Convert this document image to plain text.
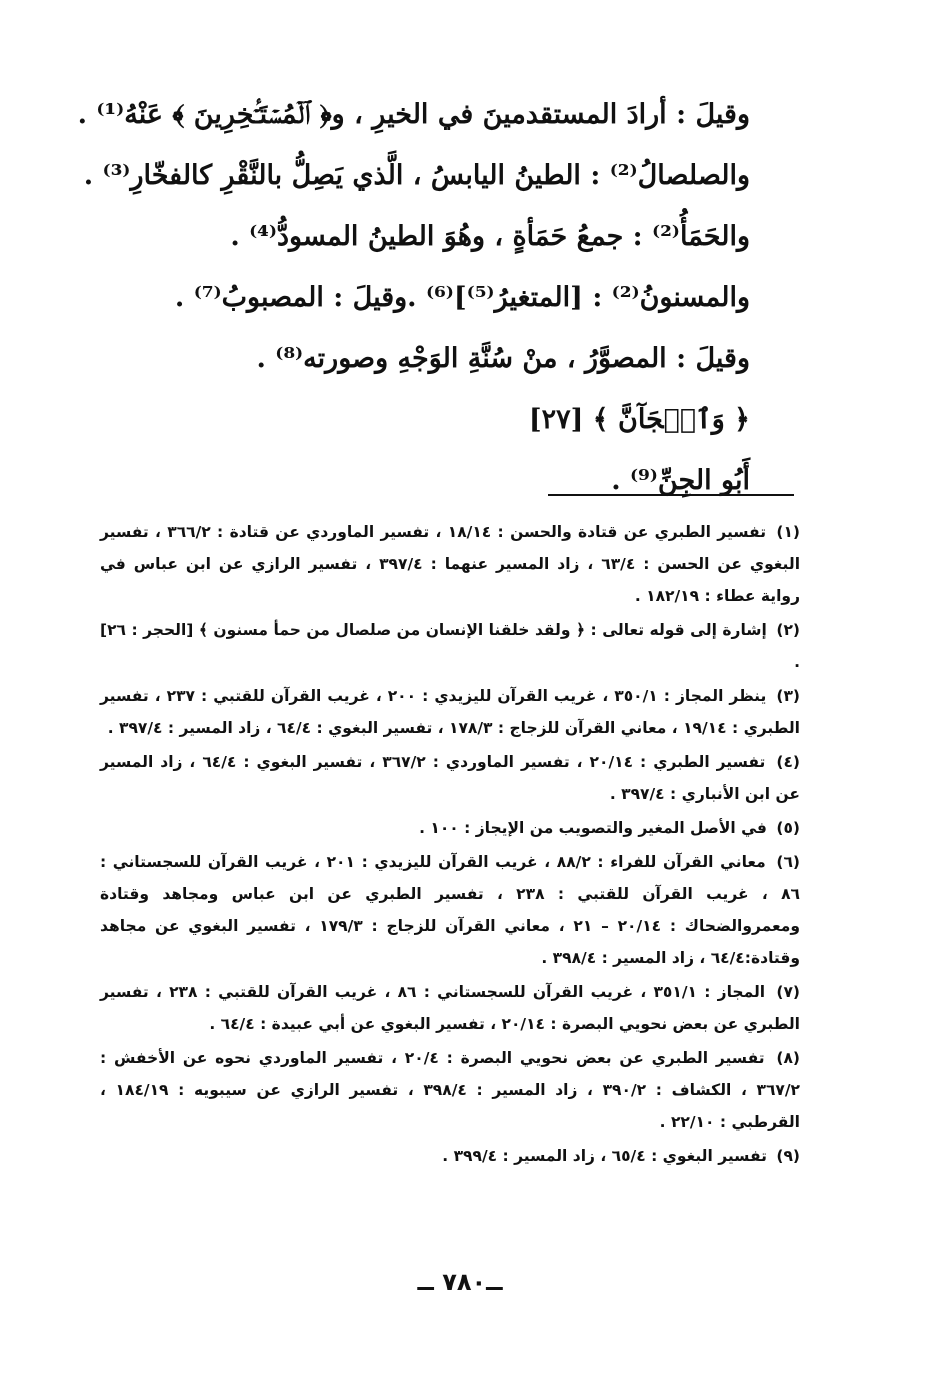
وقيلَ : أرادَ المستقدمينَ في الخيرِ ، و﴿ ٱلۡمُسۡتَـٔۡخِرِينَ ﴾ عَنْهُ⁽¹⁾ .
والصلصالُ⁽²⁾ : الطينُ اليابسُ ، الَّذي يَصِلُّ بالنَّقْرِ كالفخّارِ⁽³⁾ .
والحَمَأُ⁽²⁾ : جمعُ حَمَأةٍ ، وهُوَ الطينُ المسودُّ⁽⁴⁾ .
والمسنونُ⁽²⁾ : [المتغيرُ⁽⁵⁾]⁽⁶⁾ .وقيلَ : المصبوبُ⁽⁷⁾ .
وقيلَ : المصوَّرُ ، منْ سُنَّةِ الوَجْهِ وصورته⁽⁸⁾ .
﴿ وَٱلۡجَآنَّ ﴾ [٢٧]
أَبُو الجِنِّ⁽⁹⁾ .
(١) تفسير الطبري عن قتادة والحسن : ١٨/١٤ ، تفسير الماوردي عن قتادة : ٣٦٦/٢ ، تفسير البغوي عن الحسن : ٦٣/٤ ، زاد المسير عنهما : ٣٩٧/٤ ، تفسير الرازي عن ابن عباس في رواية عطاء : ١٨٢/١٩ .
(٢) إشارة إلى قوله تعالى : ﴿ ولقد خلقنا الإنسان من صلصال من حمأ مسنون ﴾ [الحجر : ٢٦] .
(٣) ينظر المجاز : ٣٥٠/١ ، غريب القرآن لليزيدي : ٢٠٠ ، غريب القرآن للقتبي : ٢٣٧ ، تفسير الطبري : ١٩/١٤ ، معاني القرآن للزجاج : ١٧٨/٣ ، تفسير البغوي : ٦٤/٤ ، زاد المسير : ٣٩٧/٤ .
(٤) تفسير الطبري : ٢٠/١٤ ، تفسير الماوردي : ٣٦٧/٢ ، تفسير البغوي : ٦٤/٤ ، زاد المسير عن ابن الأنباري : ٣٩٧/٤ .
(٥) في الأصل المغير والتصويب من الإيجاز : ١٠٠ .
(٦) معاني القرآن للفراء : ٨٨/٢ ، غريب القرآن لليزيدي : ٢٠١ ، غريب القرآن للسجستاني : ٨٦ ، غريب القرآن للقتبي : ٢٣٨ ، تفسير الطبري عن ابن عباس ومجاهد وقتادة ومعمروالضحاك : ٢٠/١٤ – ٢١ ، معاني القرآن للزجاج : ١٧٩/٣ ، تفسير البغوي عن مجاهد وقتادة:٦٤/٤ ، زاد المسير : ٣٩٨/٤ .
(٧) المجاز : ٣٥١/١ ، غريب القرآن للسجستاني : ٨٦ ، غريب القرآن للقتبي : ٢٣٨ ، تفسير الطبري عن بعض نحويي البصرة : ٢٠/١٤ ، تفسير البغوي عن أبي عبيدة : ٦٤/٤ .
(٨) تفسير الطبري عن بعض نحويي البصرة : ٢٠/٤ ، تفسير الماوردي نحوه عن الأخفش : ٣٦٧/٢ ، الكشاف : ٣٩٠/٢ ، زاد المسير : ٣٩٨/٤ ، تفسير الرازي عن سيبويه : ١٨٤/١٩ ، القرطبي : ٢٢/١٠ .
(٩) تفسير البغوي : ٦٥/٤ ، زاد المسير : ٣٩٩/٤ .
ــ٧٨٠ ــ
